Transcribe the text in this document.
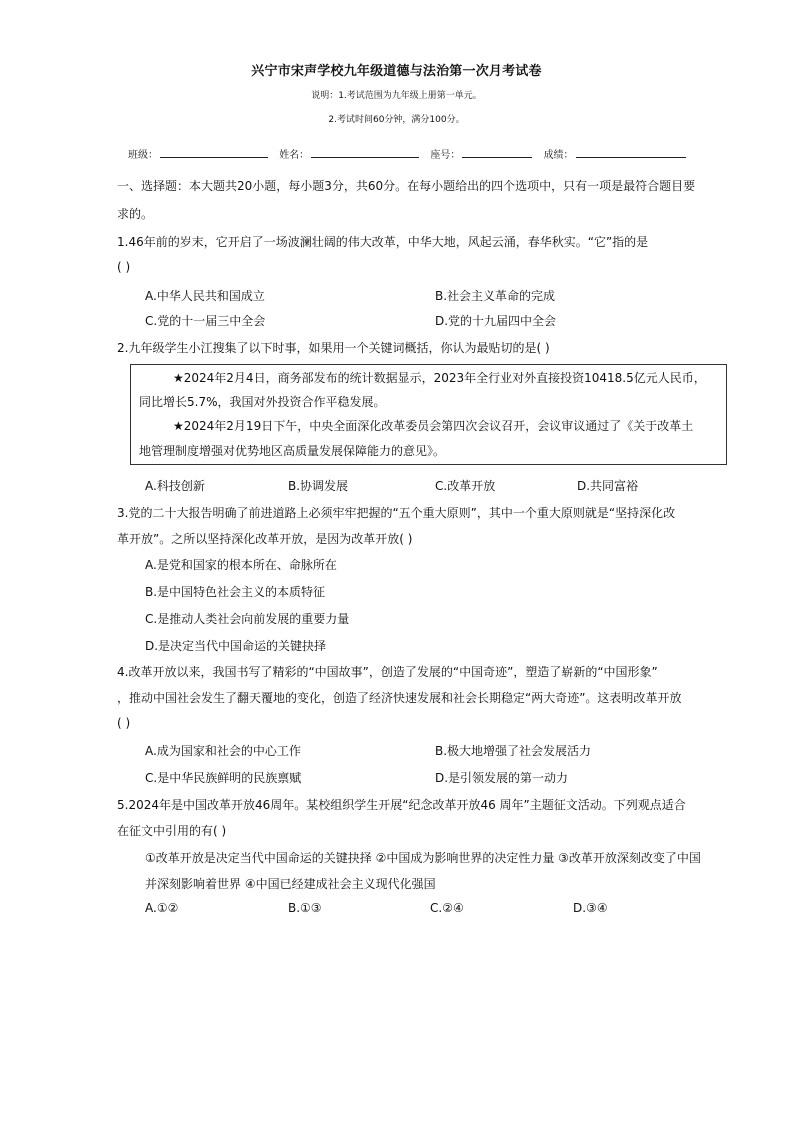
兴宁市宋声学校九年级道德与法治第一次月考试卷
说明：1.考试范围为九年级上册第一单元。
2.考试时间60分钟，满分100分。
班级：	姓名：	座号：	成绩：
一、选择题：本大题共20小题，每小题3分，共60分。在每小题给出的四个选项中，只有一项是最符合题目要
求的。
1.46年前的岁末，它开启了一场波澜壮阔的伟大改革，中华大地，风起云涌，春华秋实。“它”指的是
( )
A.中华人民共和国成立	B.社会主义革命的完成
C.党的十一届三中全会	D.党的十九届四中全会
2.九年级学生小江搜集了以下时事，如果用一个关键词概括，你认为最贴切的是( )
★2024年2月4日，商务部发布的统计数据显示，2023年全行业对外直接投资10418.5亿元人民币，
同比增长5.7%，我国对外投资合作平稳发展。
★2024年2月19日下午，中央全面深化改革委员会第四次会议召开，会议审议通过了《关于改革土
地管理制度增强对优势地区高质量发展保障能力的意见》。
A.科技创新	B.协调发展	C.改革开放	D.共同富裕
3.党的二十大报告明确了前进道路上必须牢牢把握的“五个重大原则”，其中一个重大原则就是“坚持深化改
革开放”。之所以坚持深化改革开放，是因为改革开放( )
A.是党和国家的根本所在、命脉所在
B.是中国特色社会主义的本质特征
C.是推动人类社会向前发展的重要力量
D.是决定当代中国命运的关键抉择
4.改革开放以来，我国书写了精彩的“中国故事”，创造了发展的“中国奇迹”，塑造了崭新的“中国形象”
，推动中国社会发生了翻天覆地的变化，创造了经济快速发展和社会长期稳定“两大奇迹”。这表明改革开放
( )
A.成为国家和社会的中心工作	B.极大地增强了社会发展活力
C.是中华民族鲜明的民族禀赋	D.是引领发展的第一动力
5.2024年是中国改革开放46周年。某校组织学生开展“纪念改革开放46 周年”主题征文活动。下列观点适合
在征文中引用的有( )
①改革开放是决定当代中国命运的关键抉择 ②中国成为影响世界的决定性力量 ③改革开放深刻改变了中国
并深刻影响着世界 ④中国已经建成社会主义现代化强国
A.①②	B.①③	C.②④	D.③④
